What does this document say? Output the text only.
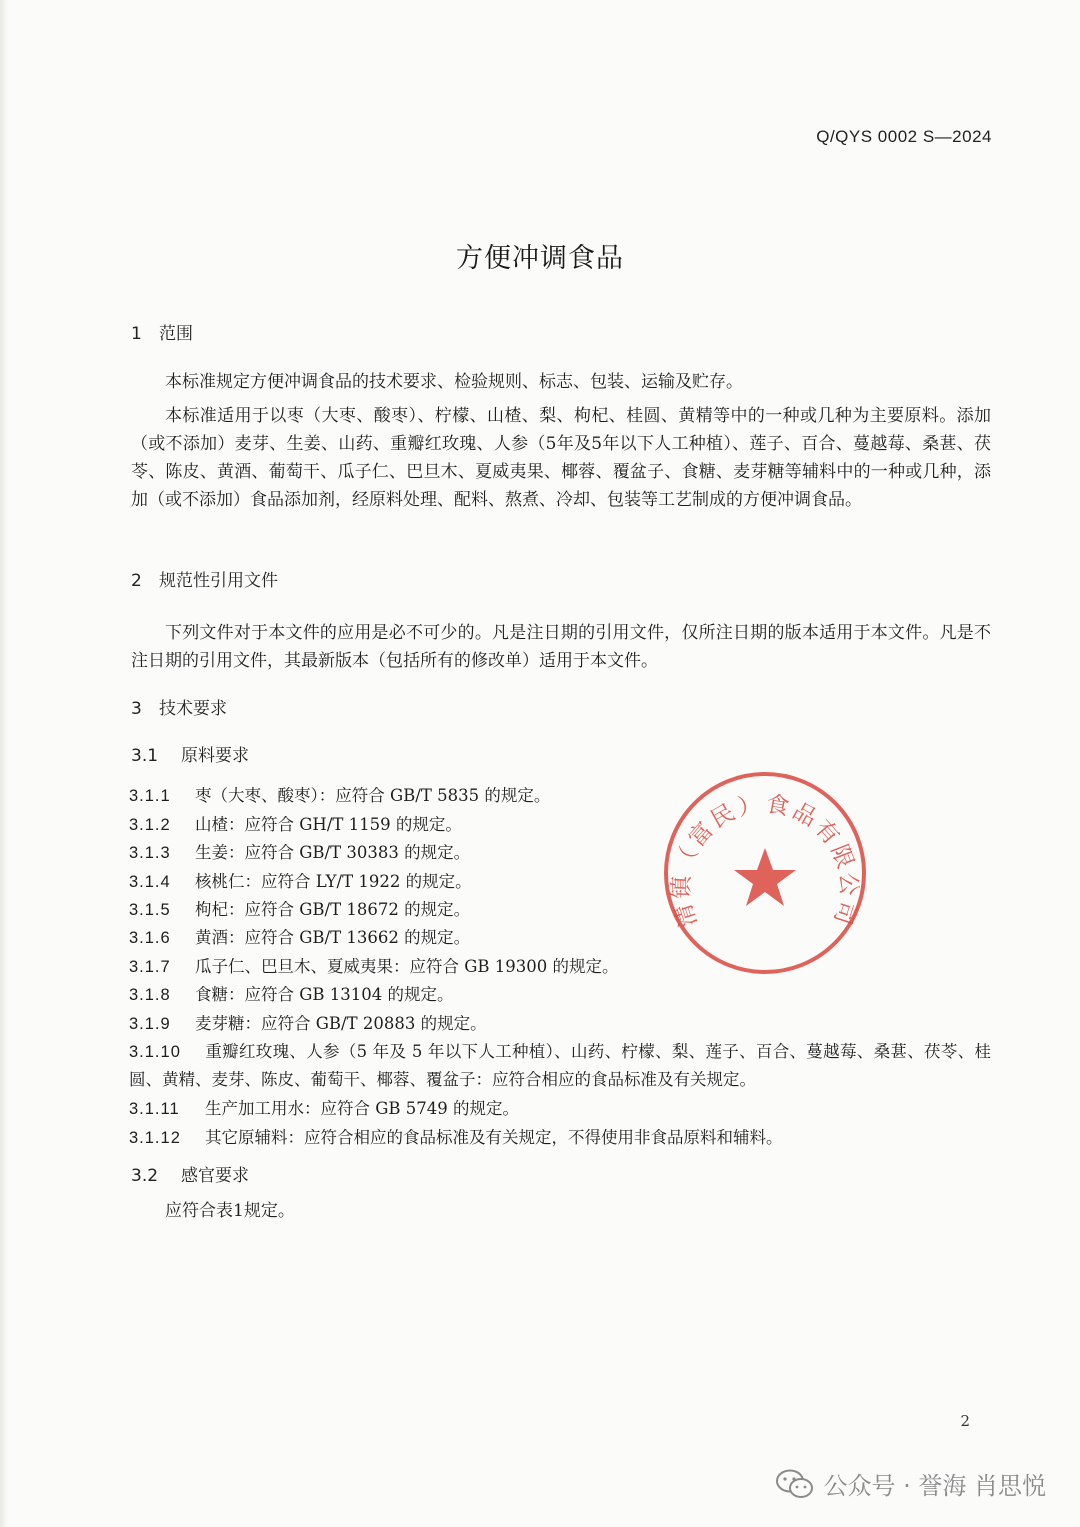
Q/QYS 0002 S—2024
方便冲调食品
1 范围

本标准规定方便冲调食品的技术要求、检验规则、标志、包装、运输及贮存。

本标准适用于以枣（大枣、酸枣）、柠檬、山楂、梨、枸杞、桂圆、黄精等中的一种或几种为主要原料。添加（或不添加）麦芽、生姜、山药、重瓣红玫瑰、人参（5年及5年以下人工种植）、莲子、百合、蔓越莓、桑葚、茯苓、陈皮、黄酒、葡萄干、瓜子仁、巴旦木、夏威夷果、椰蓉、覆盆子、食糖、麦芽糖等辅料中的一种或几种，添加（或不添加）食品添加剂，经原料处理、配料、熬煮、冷却、包装等工艺制成的方便冲调食品。

2 规范性引用文件

下列文件对于本文件的应用是必不可少的。凡是注日期的引用文件，仅所注日期的版本适用于本文件。凡是不注日期的引用文件，其最新版本（包括所有的修改单）适用于本文件。

3 技术要求
3.1 原料要求
3.1.1 枣（大枣、酸枣）：应符合 GB/T 5835 的规定。
3.1.2 山楂：应符合 GH/T 1159 的规定。
3.1.3 生姜：应符合 GB/T 30383 的规定。
3.1.4 核桃仁：应符合 LY/T 1922 的规定。
3.1.5 枸杞：应符合 GB/T 18672 的规定。
3.1.6 黄酒：应符合 GB/T 13662 的规定。
3.1.7 瓜子仁、巴旦木、夏威夷果：应符合 GB 19300 的规定。
3.1.8 食糖：应符合 GB 13104 的规定。
3.1.9 麦芽糖：应符合 GB/T 20883 的规定。

3.1.10 重瓣红玫瑰、人参（5 年及 5 年以下人工种植）、山药、柠檬、梨、莲子、百合、蔓越莓、桑葚、茯苓、桂圆、黄精、麦芽、陈皮、葡萄干、椰蓉、覆盆子：应符合相应的食品标准及有关规定。

3.1.11 生产加工用水：应符合 GB 5749 的规定。
3.1.12 其它原辅料：应符合相应的食品标准及有关规定，不得使用非食品原料和辅料。
3.2 感官要求
应符合表1规定。
清镇（富民）食品有限公司
2
公众号 · 誉海 肖思悦
